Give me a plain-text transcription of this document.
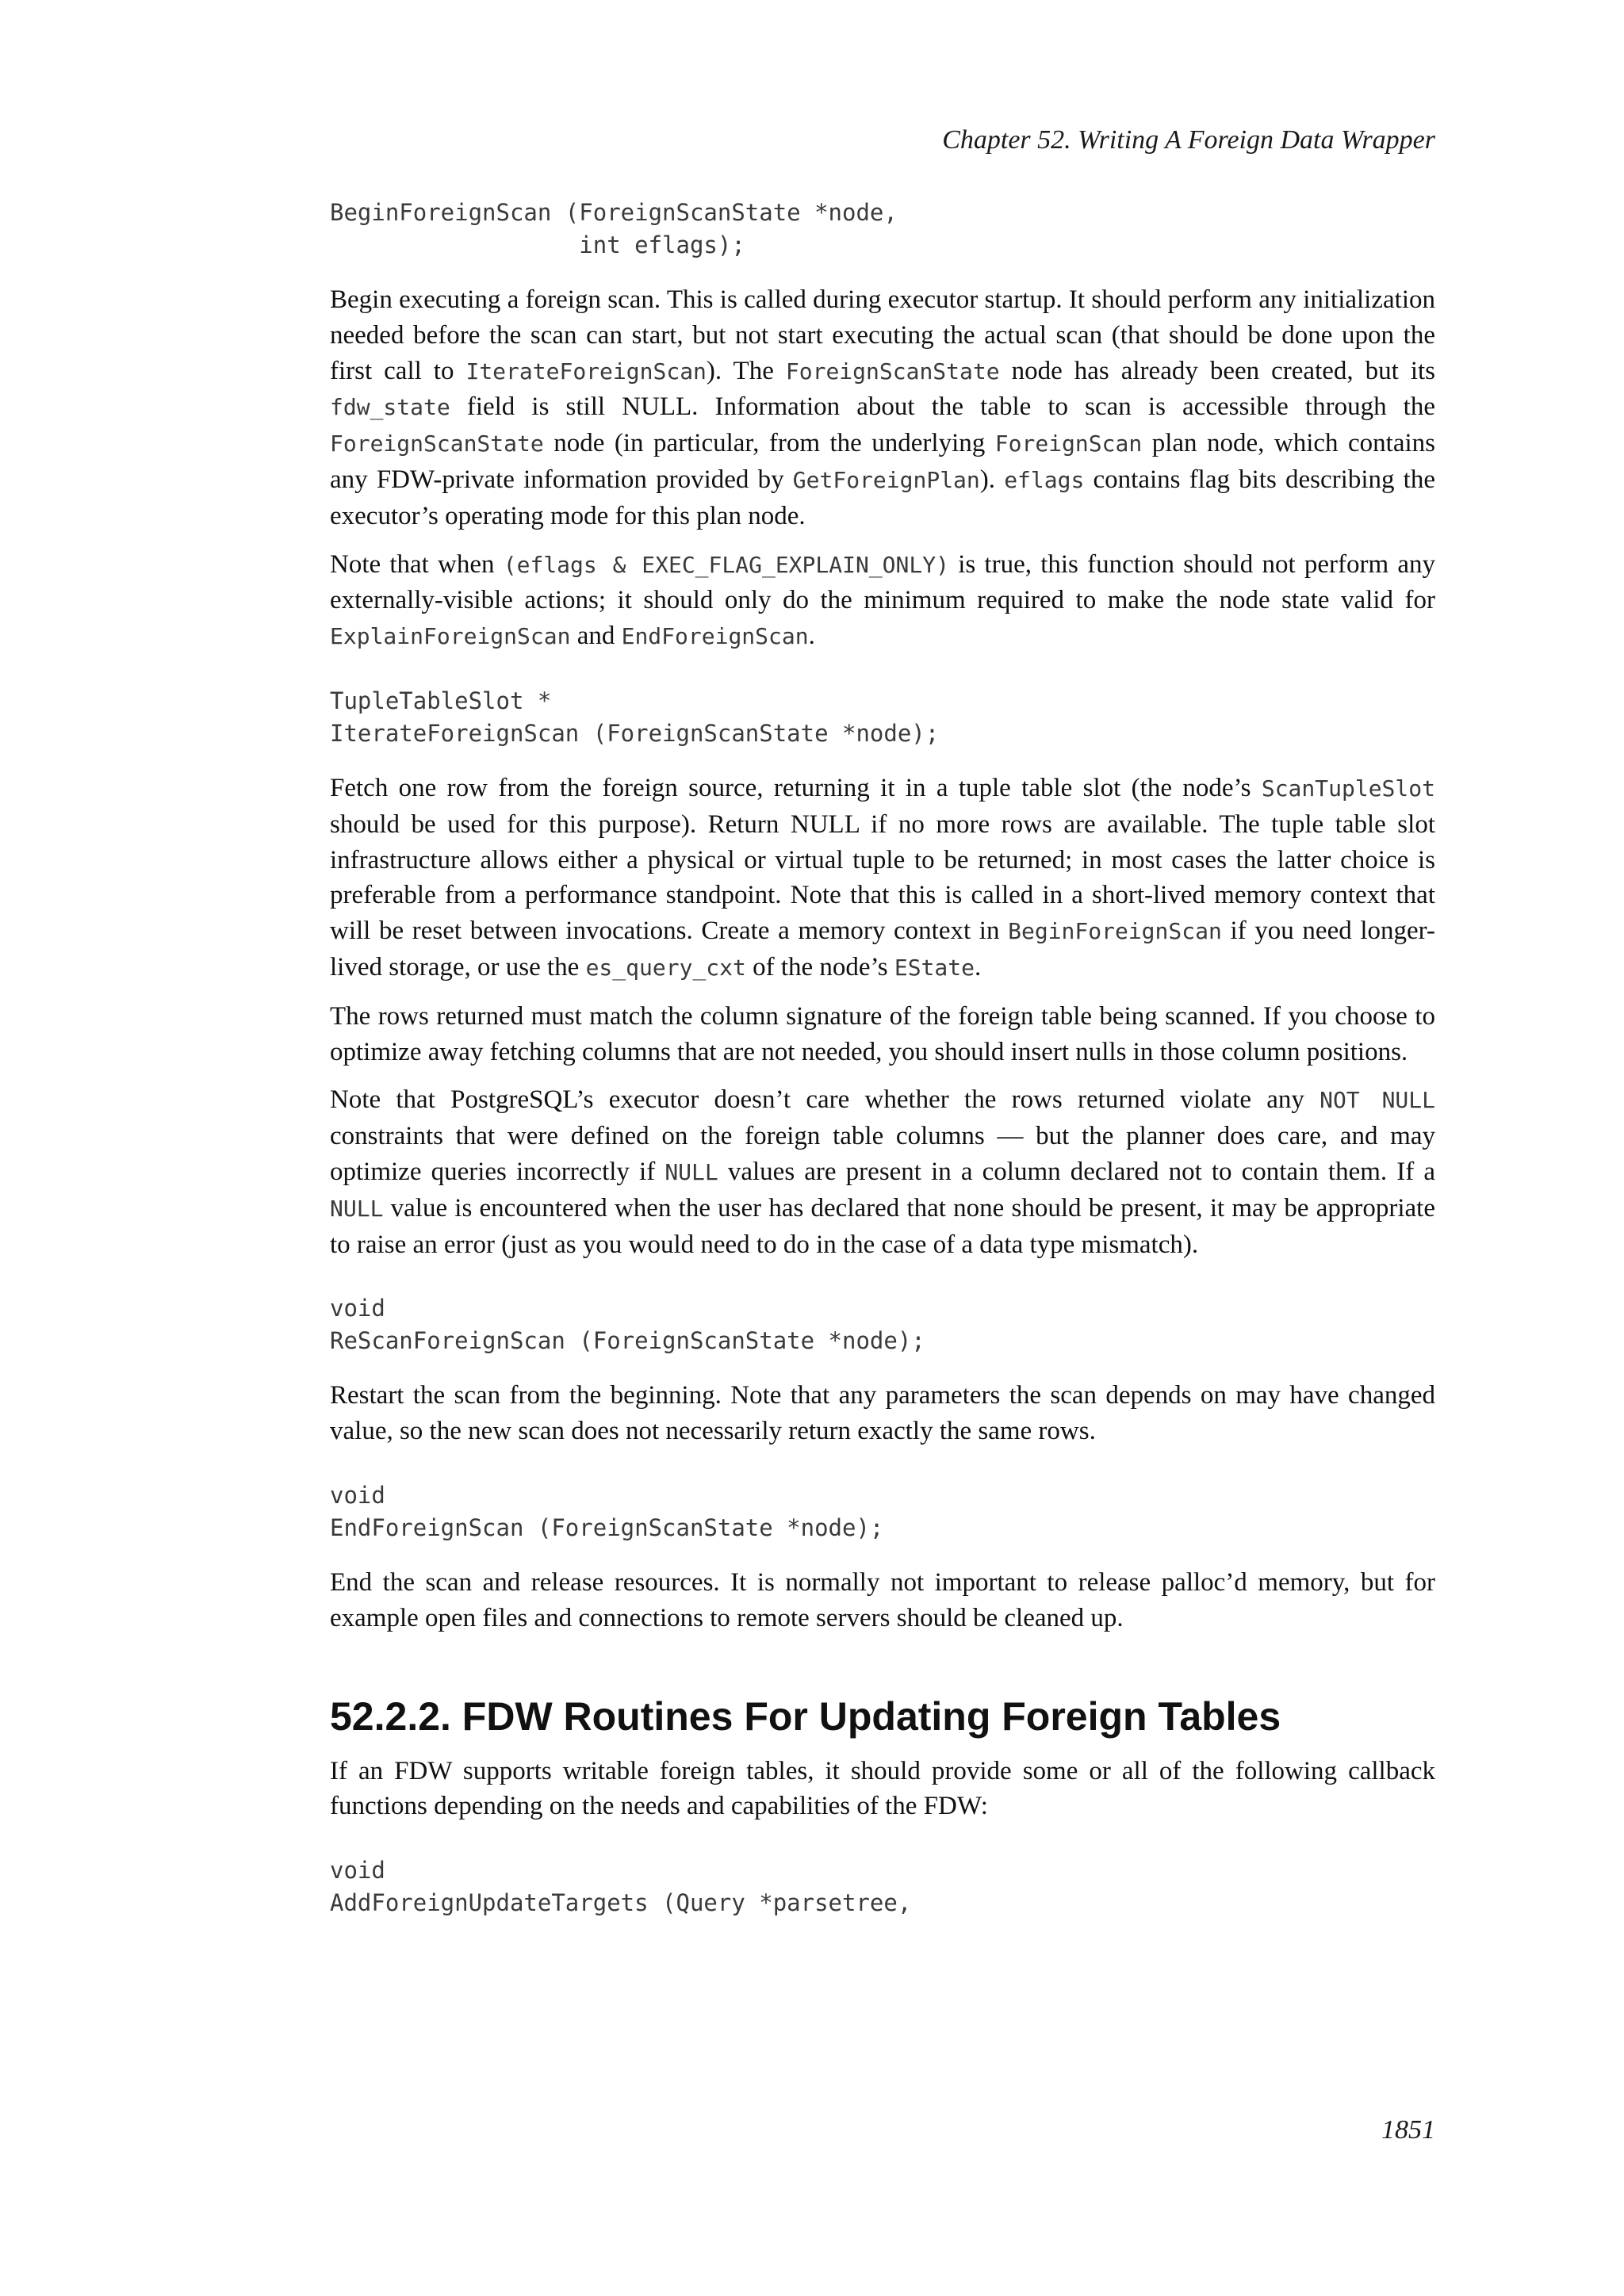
Chapter 52. Writing A Foreign Data Wrapper
BeginForeignScan (ForeignScanState *node,
int eflags);

Begin executing a foreign scan. This is called during executor startup. It should perform any initialization needed before the scan can start, but not start executing the actual scan (that should be done upon the first call to IterateForeignScan). The ForeignScanState node has already been created, but its fdw_state field is still NULL. Information about the table to scan is accessible through the ForeignScanState node (in particular, from the underlying ForeignScan plan node, which contains any FDW-private information provided by GetForeignPlan). eflags contains flag bits describing the executor’s operating mode for this plan node.

Note that when (eflags & EXEC_FLAG_EXPLAIN_ONLY) is true, this function should not perform any externally-visible actions; it should only do the minimum required to make the node state valid for ExplainForeignScan and EndForeignScan.

TupleTableSlot *
IterateForeignScan (ForeignScanState *node);

Fetch one row from the foreign source, returning it in a tuple table slot (the node’s ScanTupleSlot should be used for this purpose). Return NULL if no more rows are available. The tuple table slot infrastructure allows either a physical or virtual tuple to be returned; in most cases the latter choice is preferable from a performance standpoint. Note that this is called in a short-lived memory context that will be reset between invocations. Create a memory context in BeginForeignScan if you need longer-lived storage, or use the es_query_cxt of the node’s EState.

The rows returned must match the column signature of the foreign table being scanned. If you choose to optimize away fetching columns that are not needed, you should insert nulls in those column positions.

Note that PostgreSQL’s executor doesn’t care whether the rows returned violate any NOT NULL constraints that were defined on the foreign table columns — but the planner does care, and may optimize queries incorrectly if NULL values are present in a column declared not to contain them. If a NULL value is encountered when the user has declared that none should be present, it may be appropriate to raise an error (just as you would need to do in the case of a data type mismatch).

void
ReScanForeignScan (ForeignScanState *node);

Restart the scan from the beginning. Note that any parameters the scan depends on may have changed value, so the new scan does not necessarily return exactly the same rows.

void
EndForeignScan (ForeignScanState *node);

End the scan and release resources. It is normally not important to release palloc’d memory, but for example open files and connections to remote servers should be cleaned up.

52.2.2. FDW Routines For Updating Foreign Tables

If an FDW supports writable foreign tables, it should provide some or all of the following callback functions depending on the needs and capabilities of the FDW:

void
AddForeignUpdateTargets (Query *parsetree,
1851
